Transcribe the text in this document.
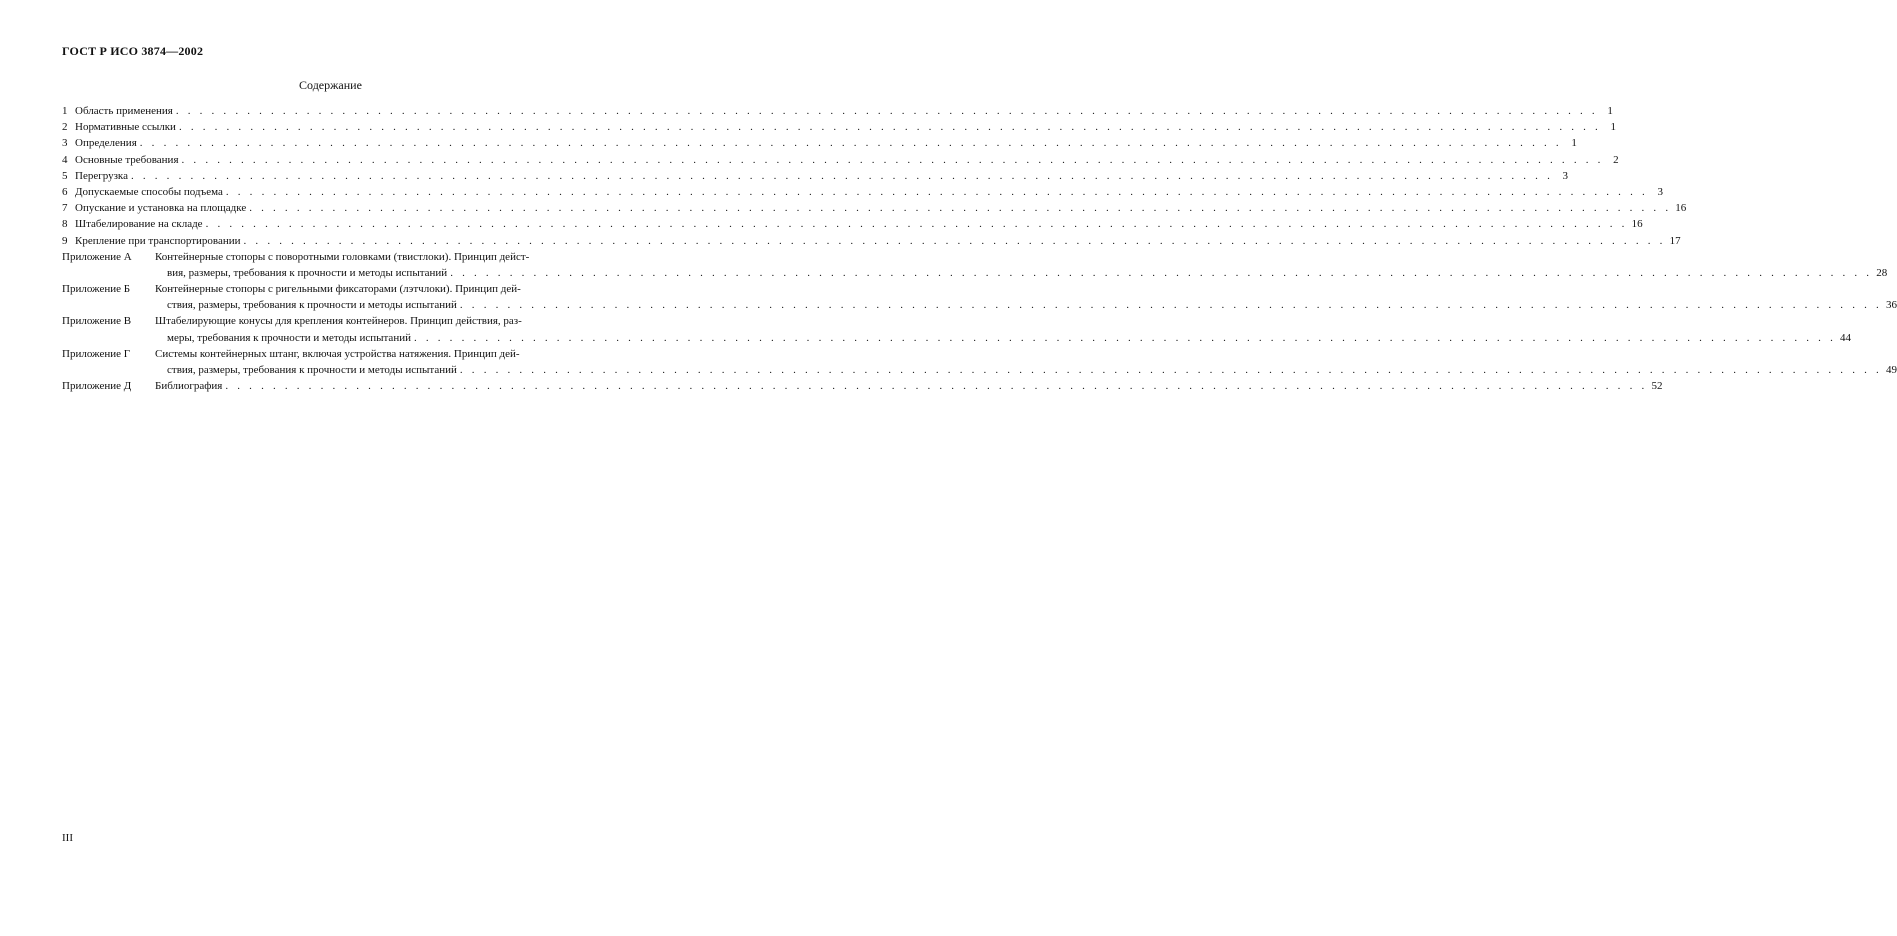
ГОСТ Р ИСО 3874—2002
Содержание
1 Область применения . . .	1
2 Нормативные ссылки . . .	1
3 Определения . . .	1
4 Основные требования . . .	2
5 Перегрузка . . .	3
6 Допускаемые способы подъема . . .	3
7 Опускание и установка на площадке . . .	16
8 Штабелирование на складе . . .	16
9 Крепление при транспортировании . . .	17
Приложение А	Контейнерные стопоры с поворотными головками (твистлоки). Принцип дейст-
вия, размеры, требования к прочности и методы испытаний . . .	28
Приложение Б	Контейнерные стопоры с ригельными фиксаторами (лэтчлоки). Принцип дей-
ствия, размеры, требования к прочности и методы испытаний . . .	36
Приложение В	Штабелирующие конусы для крепления контейнеров. Принцип действия, раз-
меры, требования к прочности и методы испытаний . . .	44
Приложение Г	Системы контейнерных штанг, включая устройства натяжения. Принцип дей-
ствия, размеры, требования к прочности и методы испытаний . . .	49
Приложение Д	Библиография . . .	52
III
